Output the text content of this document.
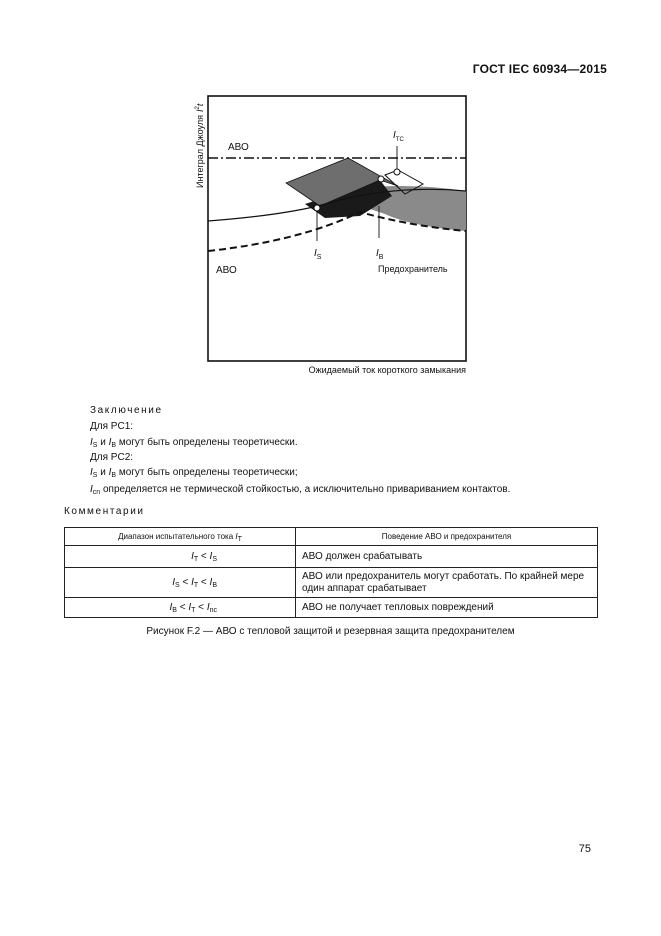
ГОСТ IEC 60934—2015
АВО
АВО	Предохранитель
$I_S$	$I_B$
$I_{TC}$
Ожидаемый ток короткого замыкания
Интеграл ДжоуляI$^2$t
Заключение
Для PC1:
$I_S$ и $I_B$ могут быть определены теоретически.
Для PC2:
$I_S$ и $I_B$ могут быть определены теоретически;
$I_{cn}$ определяется не термической стойкостью, а исключительно привариванием контактов.
Комментарии
Диапазон испытательного тока $I_T$	Поведение АВО и предохранителя
$I_T < I_S$	АВО должен срабатывать
$I_S < I_T < I_B$	АВО или предохранитель могут сработать. По крайней мере один аппарат срабатывает
$I_B < I_T < I_{nc}$	АВО не получает тепловых повреждений
Рисунок F.2 — АВО с тепловой защитой и резервная защита предохранителем
75
